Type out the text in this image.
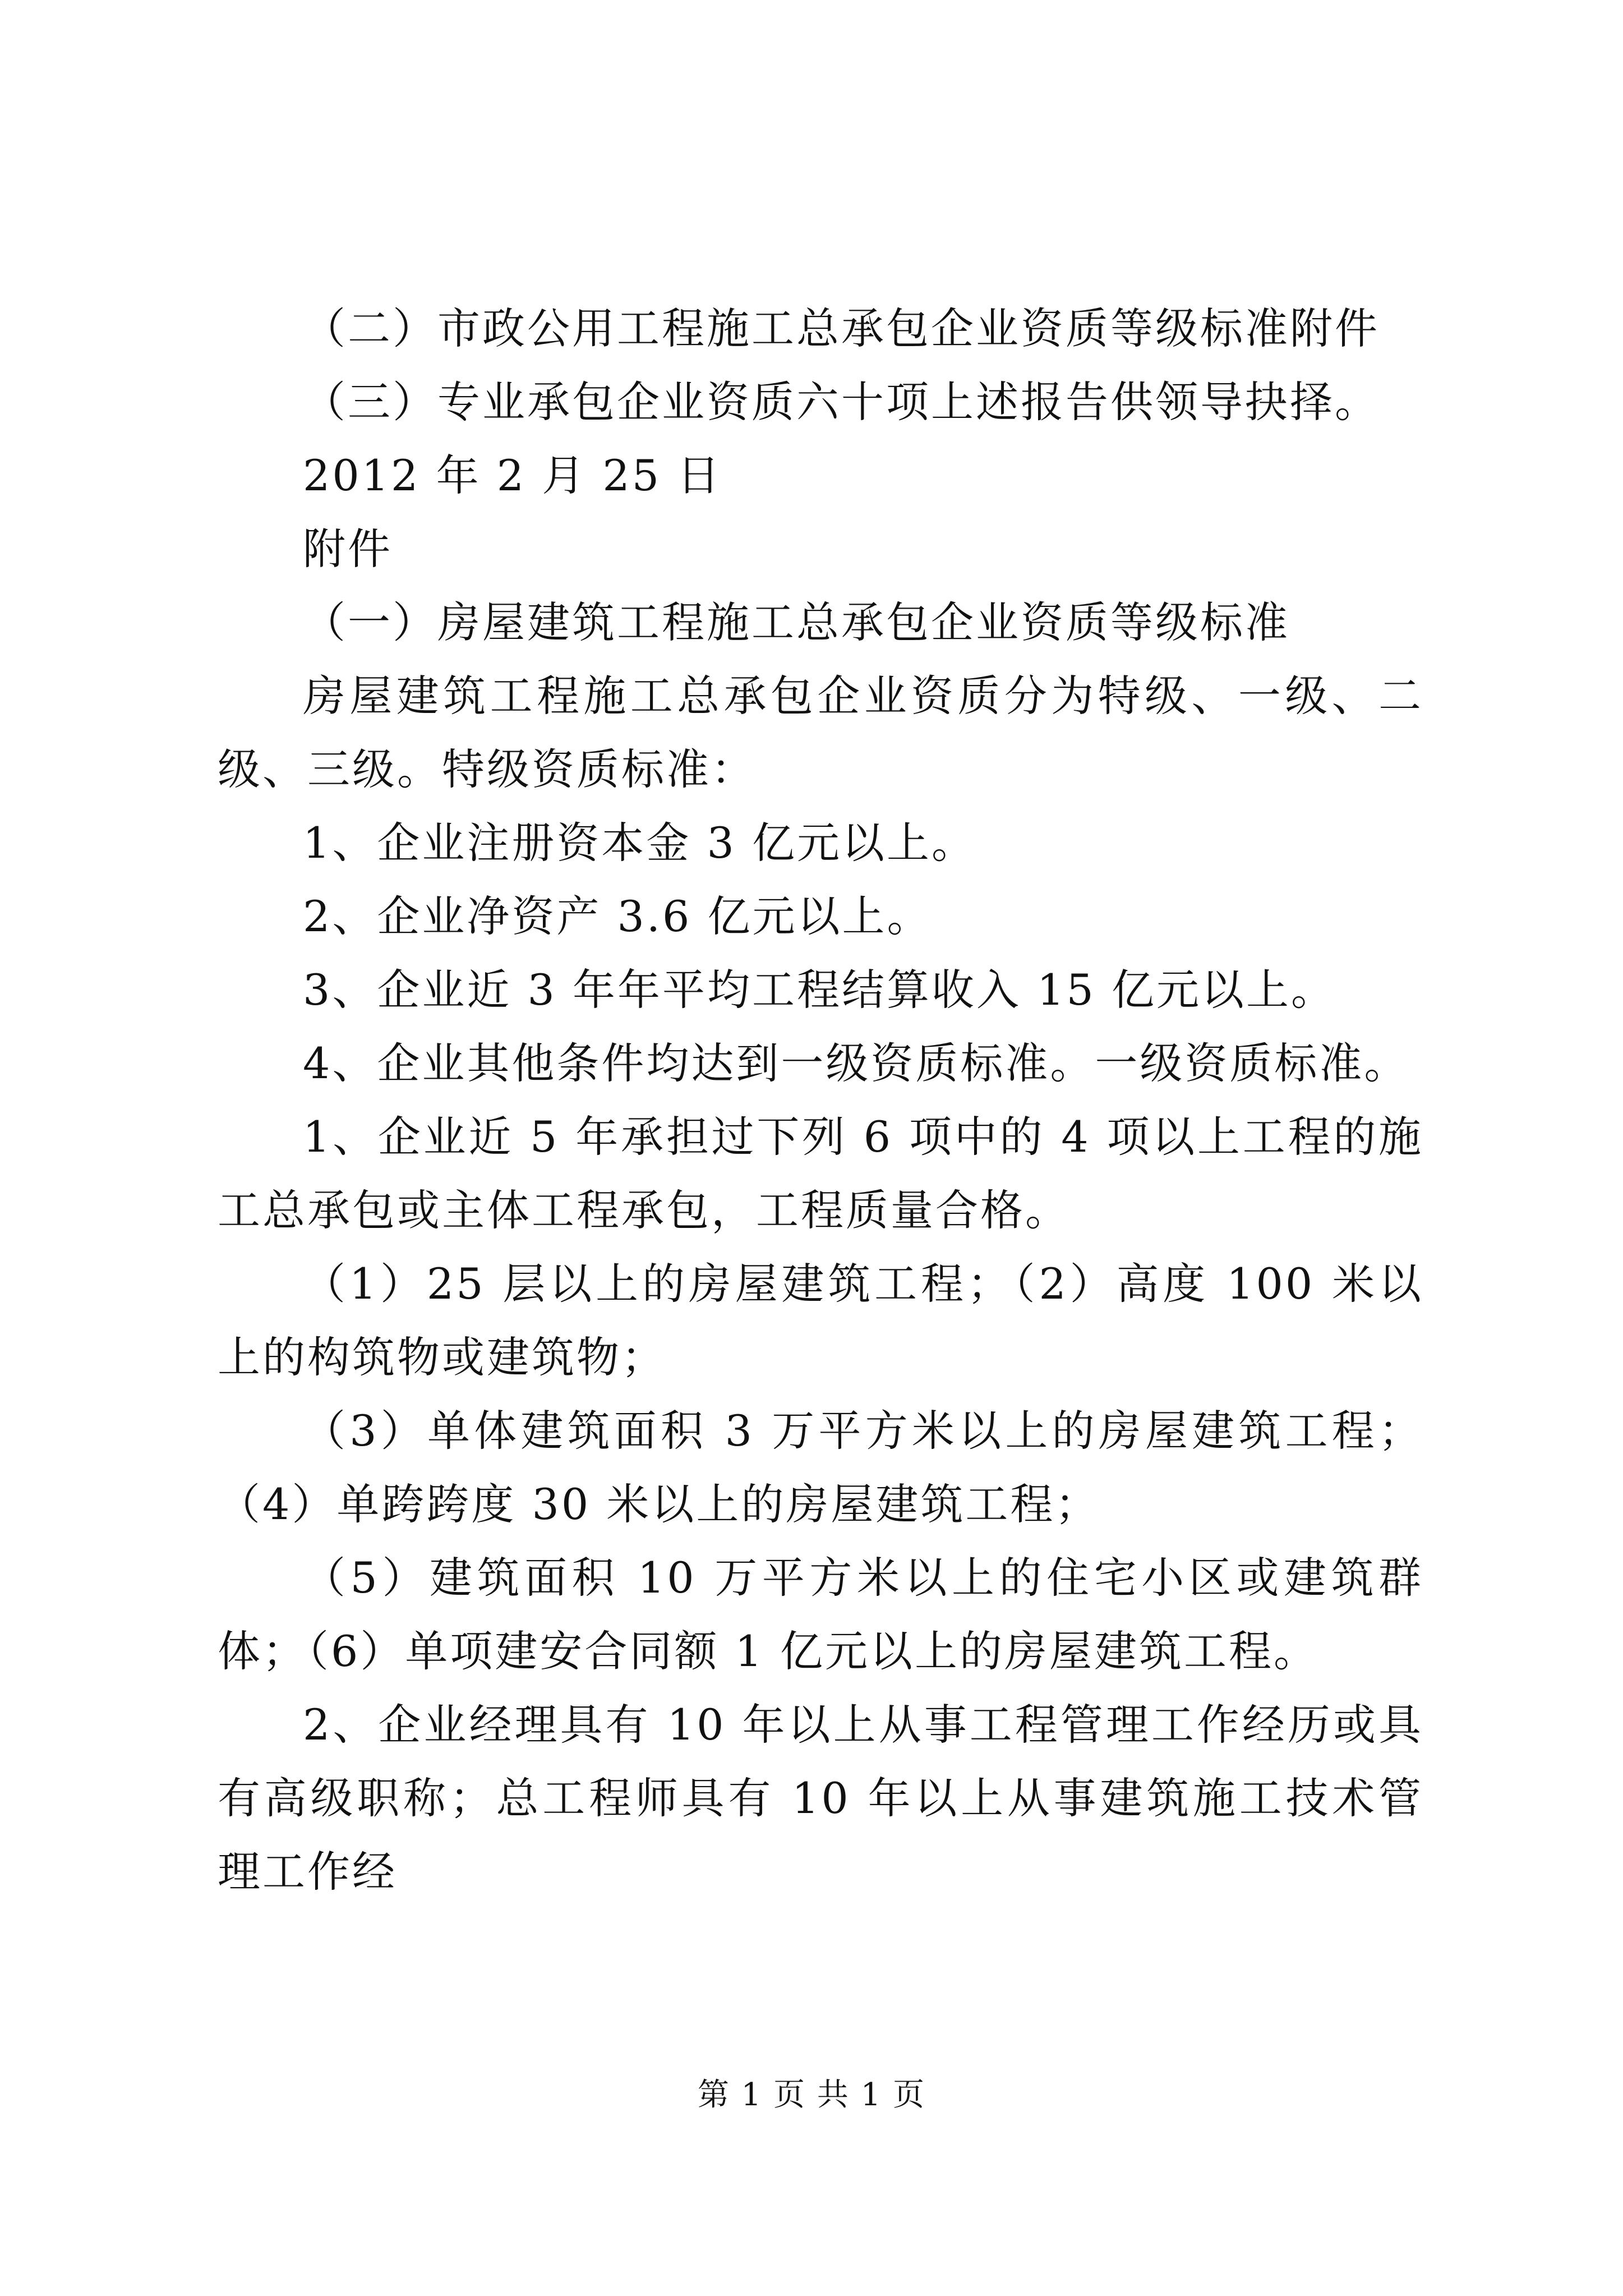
（二）市政公用工程施工总承包企业资质等级标准附件

（三）专业承包企业资质六十项上述报告供领导抉择。

2012 年 2 月 25 日

附件

（一）房屋建筑工程施工总承包企业资质等级标准

房屋建筑工程施工总承包企业资质分为特级、一级、二级、三级。特级资质标准：

1、企业注册资本金 3 亿元以上。

2、企业净资产 3.6 亿元以上。

3、企业近 3 年年平均工程结算收入 15 亿元以上。

4、企业其他条件均达到一级资质标准。一级资质标准。

1、企业近 5 年承担过下列 6 项中的 4 项以上工程的施工总承包或主体工程承包，工程质量合格。

（1）25 层以上的房屋建筑工程；（2）高度 100 米以上的构筑物或建筑物；

（3）单体建筑面积 3 万平方米以上的房屋建筑工程；（4）单跨跨度 30 米以上的房屋建筑工程；

（5）建筑面积 10 万平方米以上的住宅小区或建筑群体；（6）单项建安合同额 1 亿元以上的房屋建筑工程。

2、企业经理具有 10 年以上从事工程管理工作经历或具有高级职称；总工程师具有 10 年以上从事建筑施工技术管理工作经

第 1 页 共 1 页
